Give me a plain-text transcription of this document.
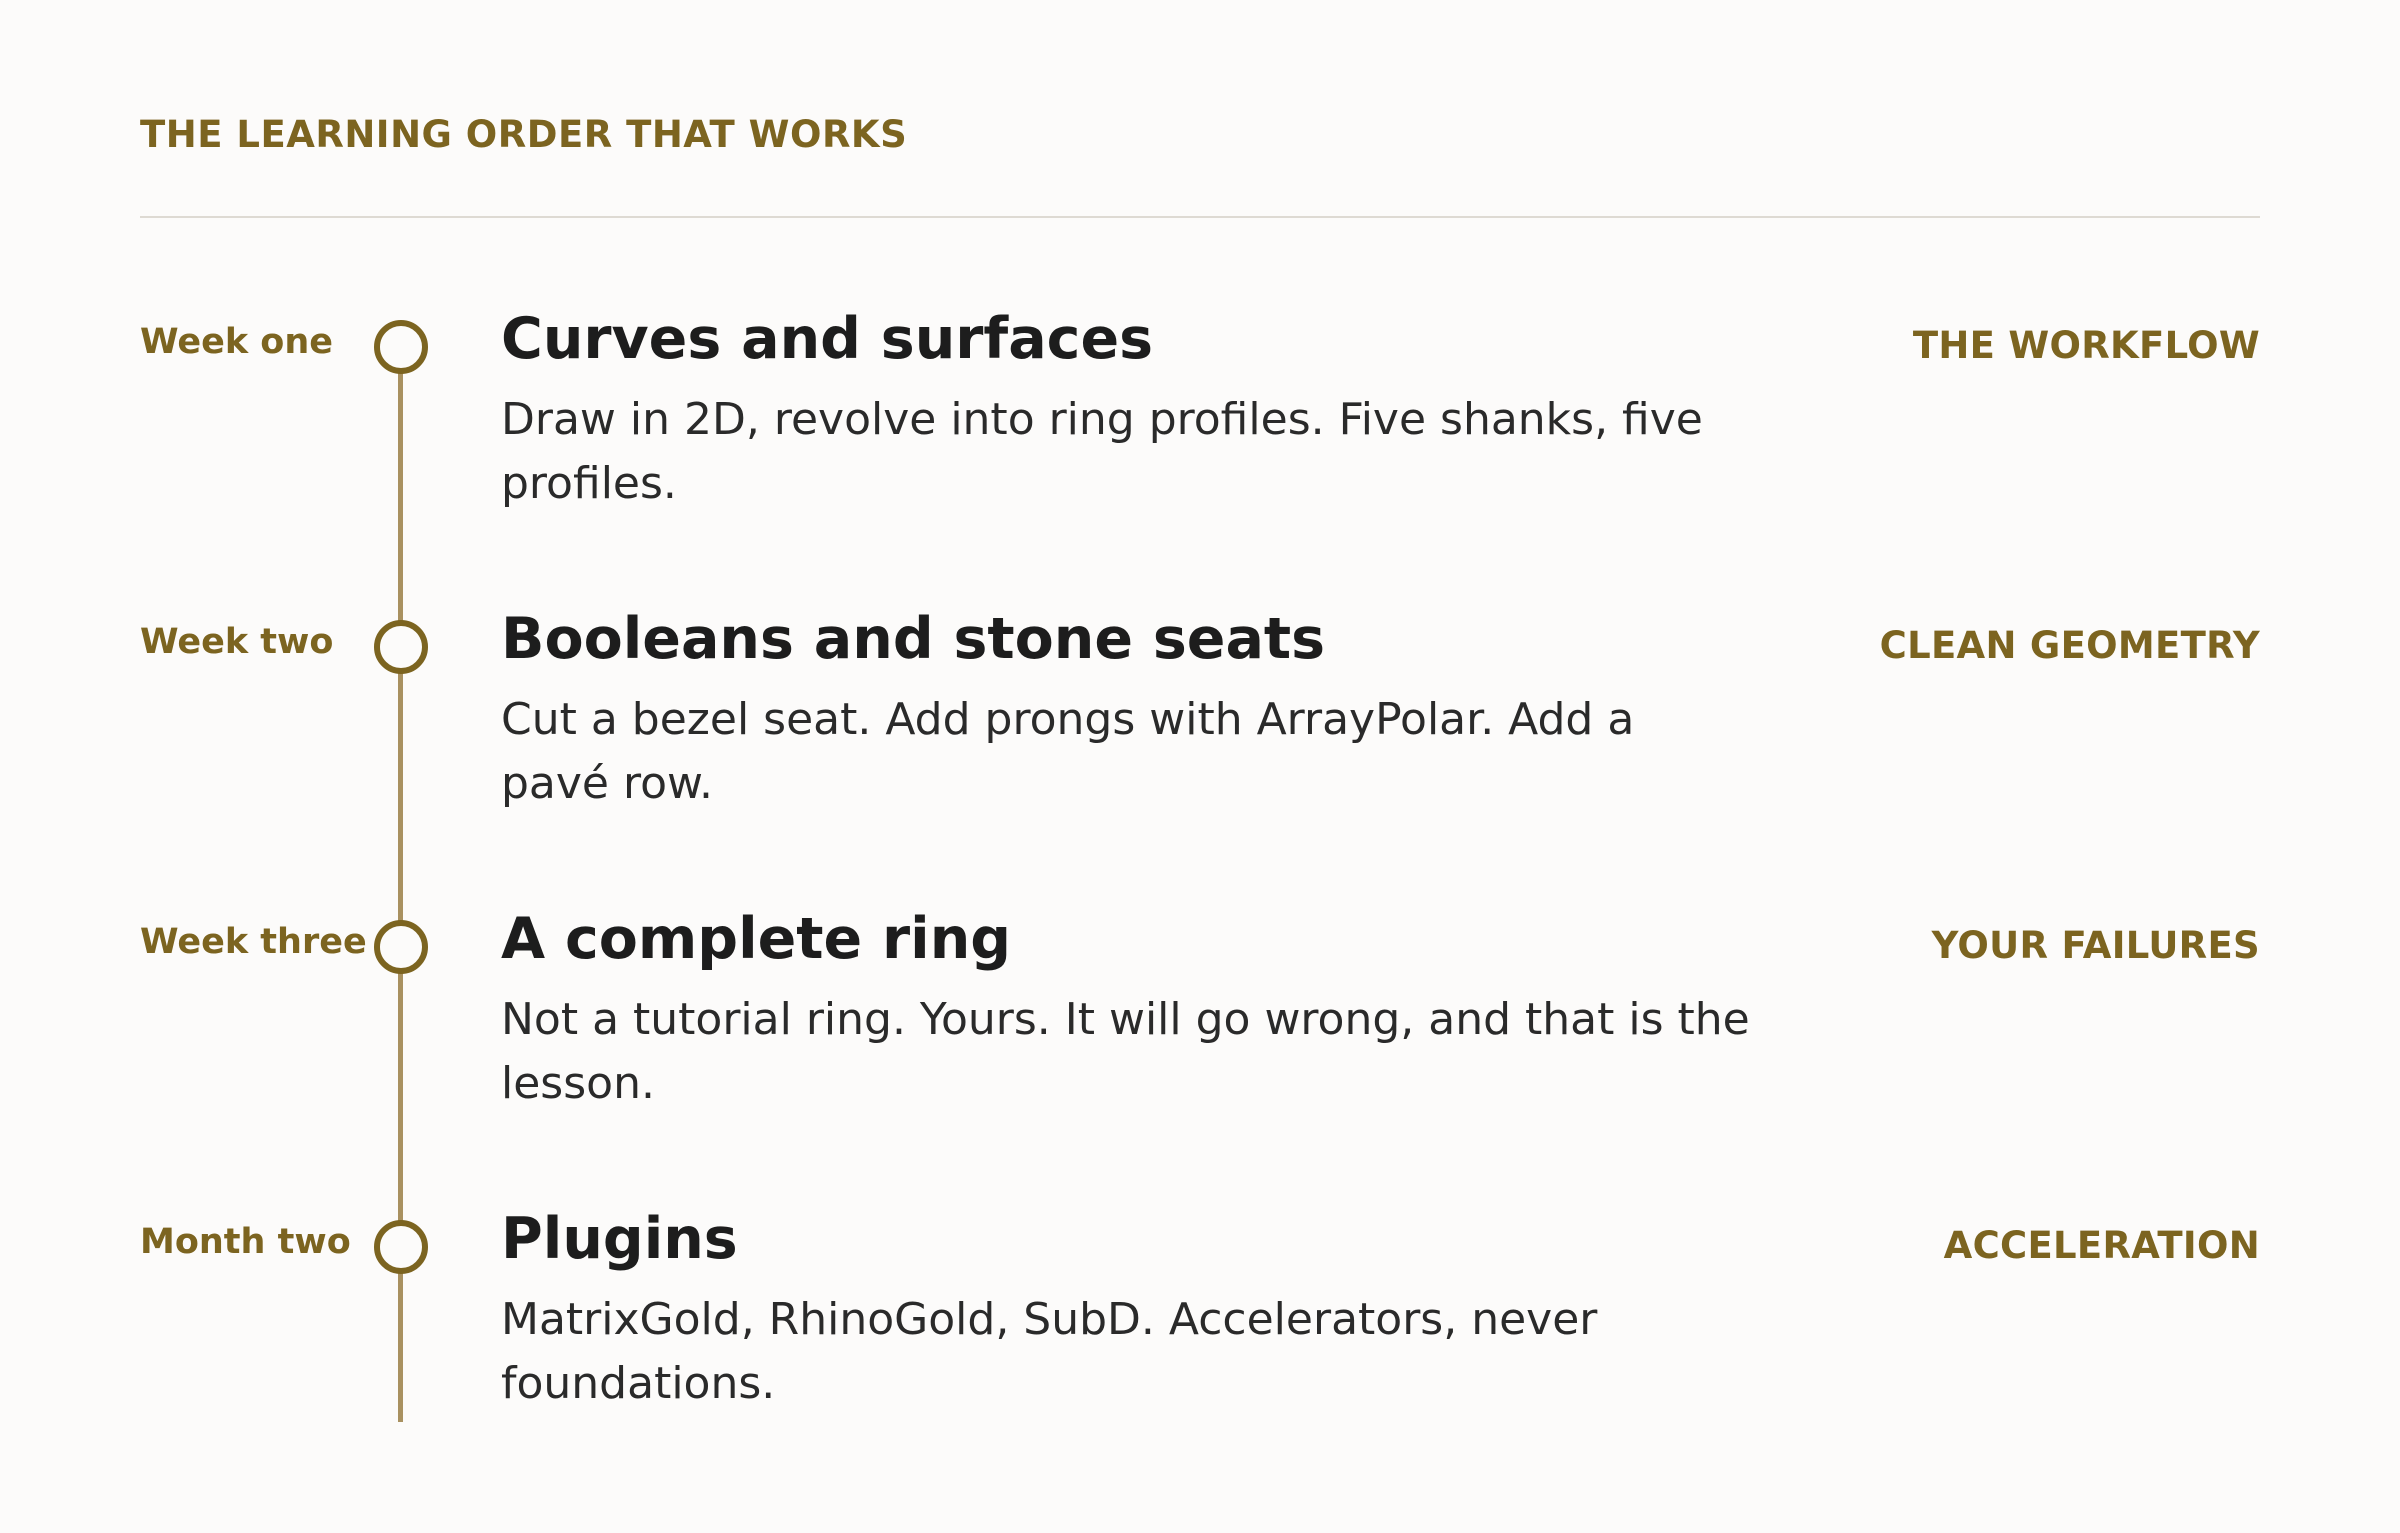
THE LEARNING ORDER THAT WORKS
Week one	Curves and surfaces
Draw in 2D, revolve into ring profiles. Five shanks, five profiles.
THE WORKFLOW
Week two	Booleans and stone seats
Cut a bezel seat. Add prongs with ArrayPolar. Add a pavé row.
CLEAN GEOMETRY
Week three A complete ring
Not a tutorial ring. Yours. It will go wrong, and that is the lesson.
YOUR FAILURES
Month two	Plugins
MatrixGold, RhinoGold, SubD. Accelerators, never foundations.
ACCELERATION
